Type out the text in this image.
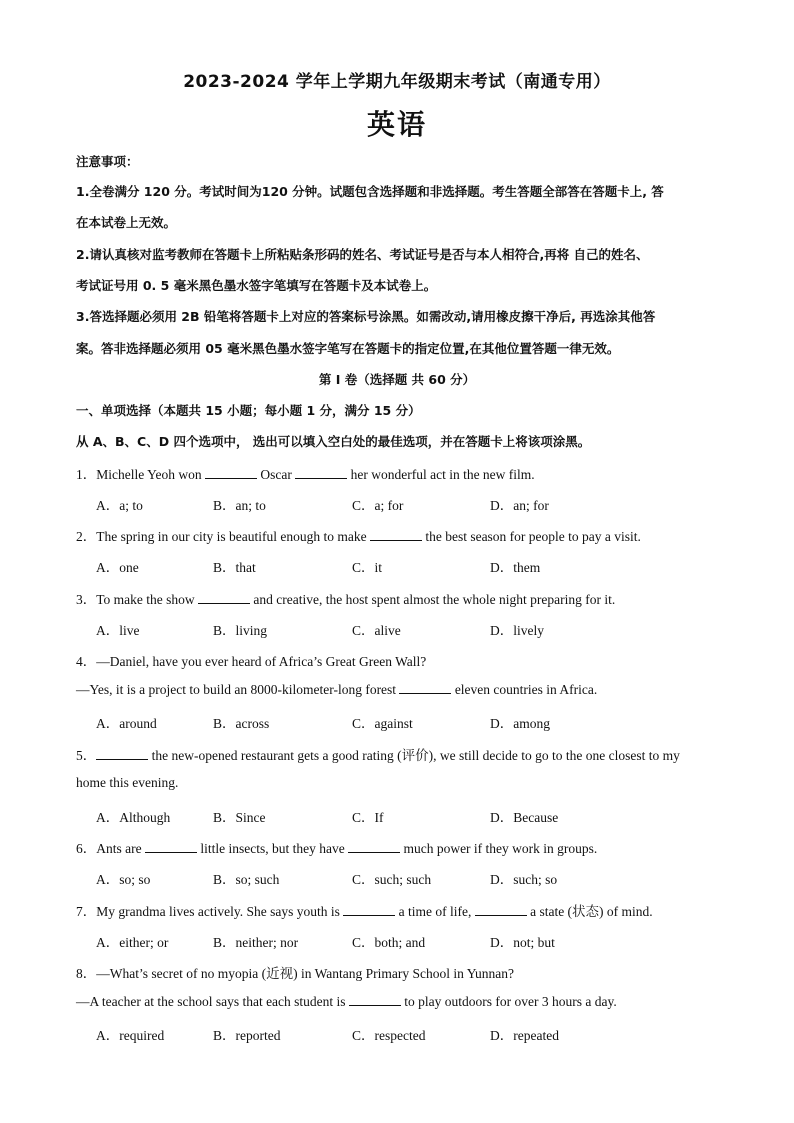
2023-2024 学年上学期九年级期末考试（南通专用）
英语
注意事项：
1.全卷满分 120 分。考试时间为120 分钟。试题包含选择题和非选择题。考生答题全部答在答题卡上, 答
在本试卷上无效。
2.请认真核对监考教师在答题卡上所粘贴条形码的姓名、考试证号是否与本人相符合,再将 自己的姓名、
考试证号用 0. 5 毫米黑色墨水签字笔填写在答题卡及本试卷上。
3.答选择题必须用 2B 铅笔将答题卡上对应的答案标号涂黑。如需改动,请用橡皮擦干净后, 再选涂其他答
案。答非选择题必须用 05 毫米黑色墨水签字笔写在答题卡的指定位置,在其他位置答题一律无效。
第 I 卷（选择题 共 60 分）
一、单项选择（本题共 15 小题；每小题 1 分，满分 15 分）
从 A、B、C、D 四个选项中， 选出可以填入空白处的最佳选项，并在答题卡上将该项涂黑。
1．Michelle Yeoh won	Oscar	her wonderful act in the new film.
A．a; to	B．an; to	C．a; for	D．an; for
2．The spring in our city is beautiful enough to make	the best season for people to pay a visit.
A．one	B．that	C．it	D．them
3．To make the show	and creative, the host spent almost the whole night preparing for it.
A．live	B．living	C．alive	D．lively
4．—Daniel, have you ever heard of Africa’s Great Green Wall?
—Yes, it is a project to build an 8000-kilometer-long forest	eleven countries in Africa.
A．around	B．across	C．against	D．among
5．	the new-opened restaurant gets a good rating (评价), we still decide to go to the one closest to my
home this evening.
A．Although	B．Since	C．If	D．Because
6．Ants are	little insects, but they have	much power if they work in groups.
A．so; so	B．so; such	C．such; such	D．such; so
7．My grandma lives actively. She says youth is	a time of life,	a state (状态) of mind.
A．either; or	B．neither; nor	C．both; and	D．not; but
8．—What’s secret of no myopia (近视) in Wantang Primary School in Yunnan?
—A teacher at the school says that each student is	to play outdoors for over 3 hours a day.
A．required	B．reported	C．respected	D．repeated
